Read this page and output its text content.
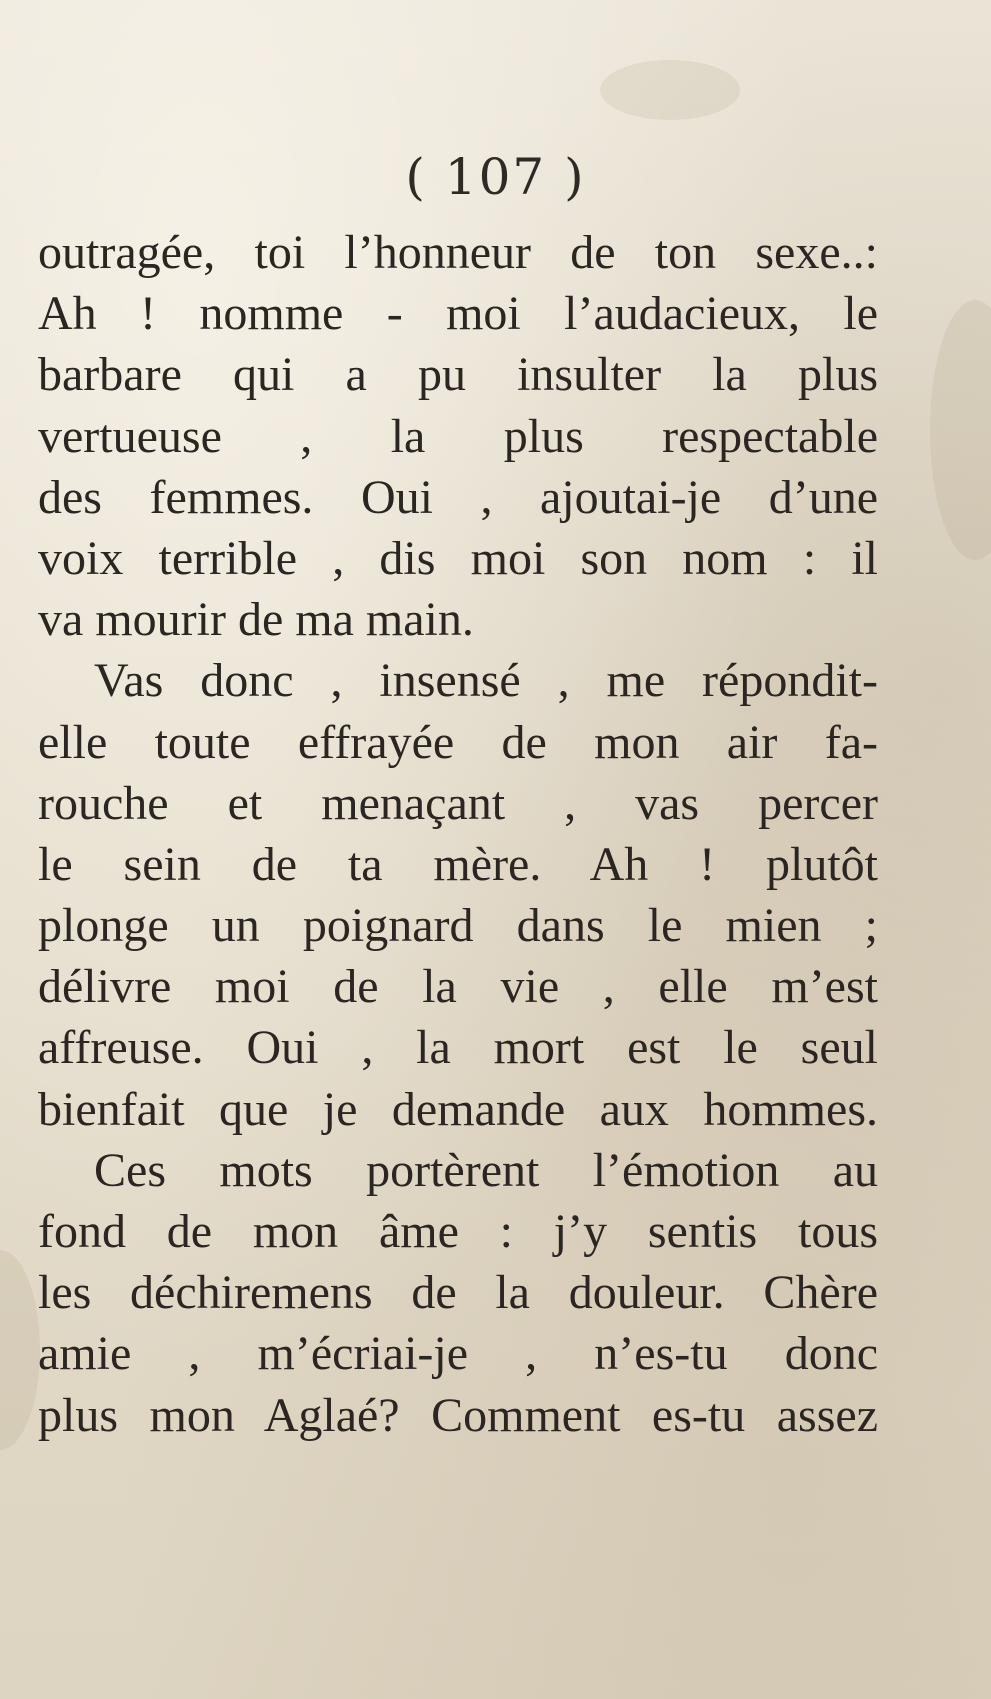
( 107 )
outragée, toi l’honneur de ton sexe..:
Ah ! nomme - moi l’audacieux, le
barbare qui a pu insulter la plus
vertueuse , la plus respectable
des femmes. Oui , ajoutai-je d’une
voix terrible , dis moi son nom : il
va mourir de ma main.
Vas donc , insensé , me répondit-
elle toute effrayée de mon air fa-
rouche et menaçant , vas percer
le sein de ta mère. Ah ! plutôt
plonge un poignard dans le mien ;
délivre moi de la vie , elle m’est
affreuse. Oui , la mort est le seul
bienfait que je demande aux hommes.
Ces mots portèrent l’émotion au
fond de mon âme : j’y sentis tous
les déchiremens de la douleur. Chère
amie , m’écriai-je , n’es-tu donc
plus mon Aglaé? Comment es-tu assez
